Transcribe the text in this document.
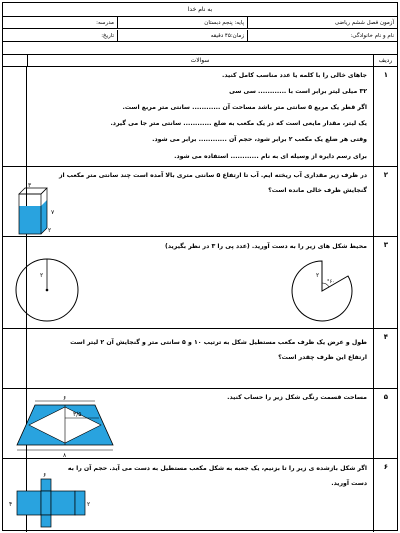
به نام خدا
آزمون فصل ششم ریاضی
پایه: پنجم دبستان
مدرسه:
نام و نام خانوادگی:
زمان:۴۵ دقیقه
تاریخ:
ردیف
سوالات
۱
جاهای خالی را با کلمه یا عدد مناسب کامل کنید.
۳۲ میلی لیتر برابر است با ............ سی سی
اگر قطر یک مربع ۵ سانتی متر باشد مساحت آن ............ سانتی متر مربع است.
یک لیتر، مقدار مایعی است که در یک مکعب به ضلع ............ سانتی متر جا می گیرد.
وقتی هر ضلع یک مکعب ۲ برابر شود، حجم آن ............ برابر می شود.
برای رسم دایره از وسیله ای به نام ............ استفاده می شود.
۲
در ظرف زیر مقداری آب ریخته ایم. آب تا ارتفاع ۵ سانتی متری بالا آمده است چند سانتی متر مکعب از
گنجایش ظرف خالی مانده است؟
۳
۲
۷
۳
محیط شکل های زیر را به دست آورید. (عدد پی را ۳ در نظر بگیرید)
۲
°۶۰
۲
۴
طول و عرض یک ظرف مکعب مستطیل شکل به ترتیب ۱۰ و ۵ سانتی متر و گنجایش آن ۲ لیتر است
ارتفاع این ظرف چقدر است؟
۵
مساحت قسمت رنگی شکل زیر را حساب کنید.
۶
۳/۵
۸
۶
اگر شکل بازشده ی زیر را تا بزنیم، یک جعبه به شکل مکعب مستطیل به دست می آید. حجم آن را به
دست آورید.
۶
۴	۲
